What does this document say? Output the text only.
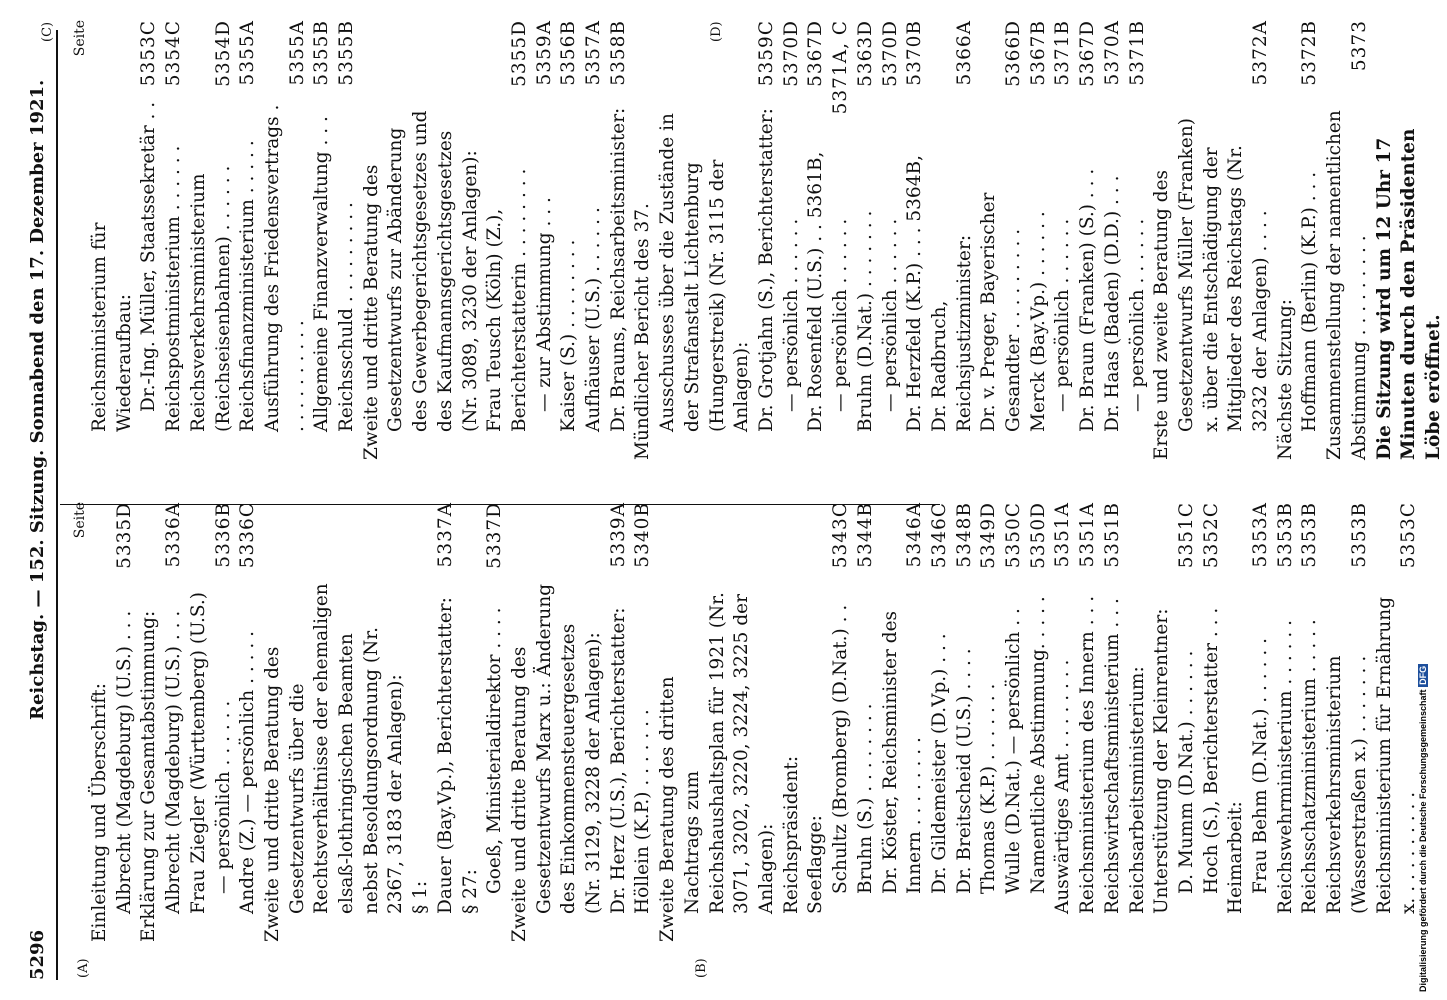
5296
Reichstag. — 152. Sitzung. Sonnabend den 17. Dezember 1921.
(A)	(B)
(C)	(D)
Seite
Einleitung und Überschrift: Albrecht (Magdeburg) (U.S.) . . .
5335D
Erklärung zur Gesamtabstimmung: Albrecht (Magdeburg) (U.S.) . . .
5336A
Frau Ziegler (Württemberg) (U.S.) — persönlich . . . . . .
5336B
Andre (Z.) — persönlich . . . . .
5336C
Zweite und dritte Beratung des Gesetzentwurfs über die Rechtsverhältnisse der ehemaligen elsaß-lothringischen Beamten nebst Besoldungsordnung (Nr. 2367, 3183 der Anlagen): § 1: Dauer (Bay.Vp.), Berichterstatter:
5337A
§ 27: Goeß, Ministerialdirektor . . . .
5337D
Zweite und dritte Beratung des Gesetzentwurfs Marx u.: Änderung des Einkommensteuergesetzes (Nr. 3129, 3228 der Anlagen): Dr. Herz (U.S.), Berichterstatter:
5339A
Höllein (K.P.) . . . . . . .
5340B
Zweite Beratung des dritten Nachtrags zum Reichshaushaltsplan für 1921 (Nr. 3071, 3202, 3220, 3224, 3225 der Anlagen): Reichspräsident: Seeflagge: Schultz (Bromberg) (D.Nat.) . .
5343C
Bruhn (S.) . . . . . . . .
5344B
Dr. Köster, Reichsminister des Innern . . . . . . . .
5346A
Dr. Gildemeister (D.Vp.) . . .
5346C
Dr. Breitscheid (U.S.) . . . .
5348B
Thomas (K.P.) . . . . . . .
5349D
Wulle (D.Nat.) — persönlich . .
5350C
Namentliche Abstimmung. . . . .
5350D
Auswärtiges Amt . . . . . . . .
5351A
Reichsministerium des Innern . . .
5351A
Reichswirtschaftsministerium . . .
5351B
Reichsarbeitsministerium: Unterstützung der Kleinrentner: D. Mumm (D.Nat.) . . . . . .
5351C
Hoch (S.), Berichterstatter . . .
5352C
Heimarbeit: Frau Behm (D.Nat.) . . . . . .
5353A
Reichswehrministerium . . . . . .
5353B
Reichsschatzministerium . . . . .
5353B
Reichsverkehrsministerium (Wasserstraßen x.) . . . . . . .
5353B
Reichsministerium für Ernährung x. . . . . . . . . .
5353C
Seite
Reichsministerium für Wiederaufbau: Dr.-Ing. Müller, Staatssekretär . .
5353C
Reichspostministerium . . . . . .
5354C
Reichsverkehrsministerium (Reichseisenbahnen) . . . . . .
5354D
Reichsfinanzministerium . . . . .
5355A
Ausführung des Friedensvertrags . . . . . . . . . . .
5355A
Allgemeine Finanzverwaltung . . .
5355B
Reichsschuld . . . . . . . . .
5355B
Zweite und dritte Beratung des Gesetzentwurfs zur Abänderung des Gewerbegerichtsgesetzes und des Kaufmannsgerichtsgesetzes (Nr. 3089, 3230 der Anlagen): Frau Teusch (Köln) (Z.), Berichterstatterin . . . . . . . .
5355D
— zur Abstimmung . . .
5359A
Kaiser (S.) . . . . . . . .
5356B
Aufhäuser (U.S.) . . . . . .
5357A
Dr. Brauns, Reichsarbeitsminister:
5358B
Mündlicher Bericht des 37. Ausschusses über die Zustände in der Strafanstalt Lichtenburg (Hungerstreik) (Nr. 3115 der Anlagen): Dr. Grotjahn (S.), Berichterstatter:
5359C
— persönlich . . . . . .
5370D
Dr. Rosenfeld (U.S.) . . 5361B,
5367D
— persönlich . . . . . .
5371A, C
Bruhn (D.Nat.) . . . . . . .
5363D
— persönlich . . . . . .
5370D
Dr. Herzfeld (K.P.) . . . 5364B,
5370B
Dr. Radbruch, Reichsjustizminister:
5366A
Dr. v. Preger, Bayerischer Gesandter . . . . . . . . .
5366D
Merck (Bay.Vp.) . . . . . .
5367B
— persönlich . . . . . .
5371B
Dr. Braun (Franken) (S.) . . .
5367D
Dr. Haas (Baden) (D.D.) . . .
5370A
— persönlich . . . . . .
5371B
Erste und zweite Beratung des Gesetzentwurfs Müller (Franken) x. über die Entschädigung der Mitglieder des Reichstags (Nr. 3232 der Anlagen) . . . .
5372A
Nächste Sitzung: Hoffmann (Berlin) (K.P.) . . .
5372B
Zusammenstellung der namentlichen Abstimmung . . . . . . . . .
5373
Die Sitzung wird um 12 Uhr 17 Minuten durch den Präsidenten Löbe eröffnet.
Digitalisierung gefördert durch die Deutsche Forschungsgemeinschaft DFG
